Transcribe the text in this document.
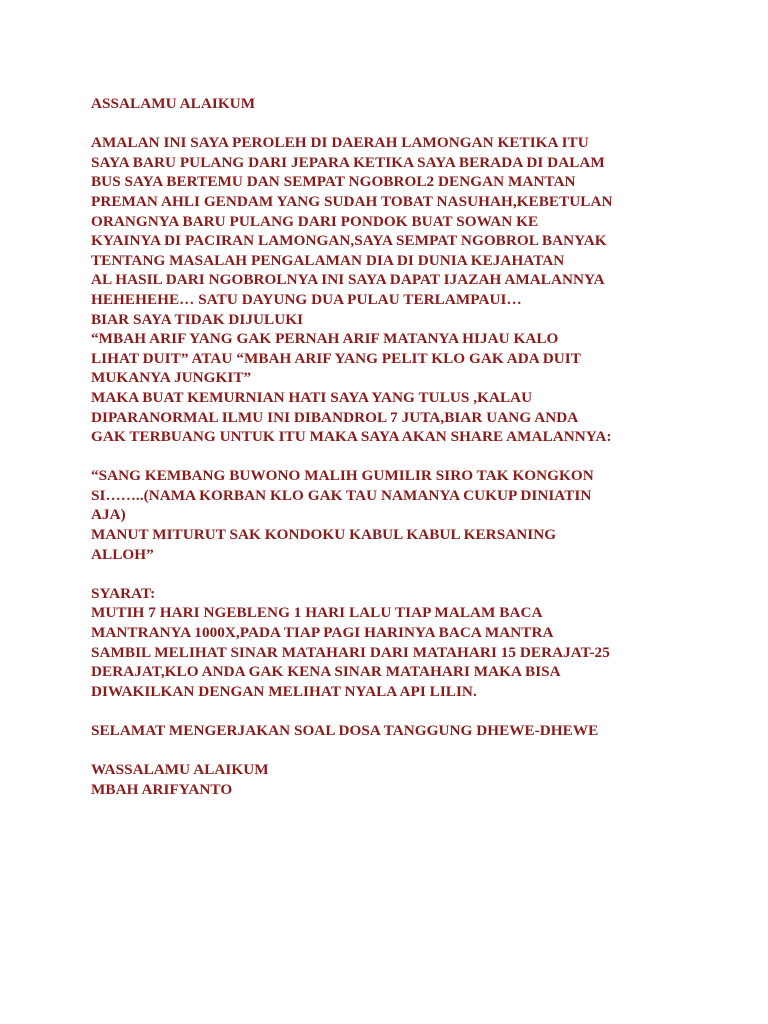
ASSALAMU ALAIKUM

AMALAN INI SAYA PEROLEH DI DAERAH LAMONGAN KETIKA ITU
SAYA BARU PULANG DARI JEPARA KETIKA SAYA BERADA DI DALAM
BUS SAYA BERTEMU DAN SEMPAT NGOBROL2 DENGAN MANTAN
PREMAN AHLI GENDAM YANG SUDAH TOBAT NASUHAH,KEBETULAN
ORANGNYA BARU PULANG DARI PONDOK BUAT SOWAN KE
KYAINYA DI PACIRAN LAMONGAN,SAYA SEMPAT NGOBROL BANYAK
TENTANG MASALAH PENGALAMAN DIA DI DUNIA KEJAHATAN
AL HASIL DARI NGOBROLNYA INI SAYA DAPAT IJAZAH AMALANNYA
HEHEHEHE… SATU DAYUNG DUA PULAU TERLAMPAUI…
BIAR SAYA TIDAK DIJULUKI
“MBAH ARIF YANG GAK PERNAH ARIF MATANYA HIJAU KALO
LIHAT DUIT” ATAU “MBAH ARIF YANG PELIT KLO GAK ADA DUIT
MUKANYA JUNGKIT”
MAKA BUAT KEMURNIAN HATI SAYA YANG TULUS ,KALAU
DIPARANORMAL ILMU INI DIBANDROL 7 JUTA,BIAR UANG ANDA
GAK TERBUANG UNTUK ITU MAKA SAYA AKAN SHARE AMALANNYA:

“SANG KEMBANG BUWONO MALIH GUMILIR SIRO TAK KONGKON
SI……..(NAMA KORBAN KLO GAK TAU NAMANYA CUKUP DINIATIN
AJA)
MANUT MITURUT SAK KONDOKU KABUL KABUL KERSANING
ALLOH”

SYARAT:
MUTIH 7 HARI NGEBLENG 1 HARI LALU TIAP MALAM BACA
MANTRANYA 1000X,PADA TIAP PAGI HARINYA BACA MANTRA
SAMBIL MELIHAT SINAR MATAHARI DARI MATAHARI 15 DERAJAT-25
DERAJAT,KLO ANDA GAK KENA SINAR MATAHARI MAKA BISA
DIWAKILKAN DENGAN MELIHAT NYALA API LILIN.

SELAMAT MENGERJAKAN SOAL DOSA TANGGUNG DHEWE-DHEWE

WASSALAMU ALAIKUM
MBAH ARIFYANTO
